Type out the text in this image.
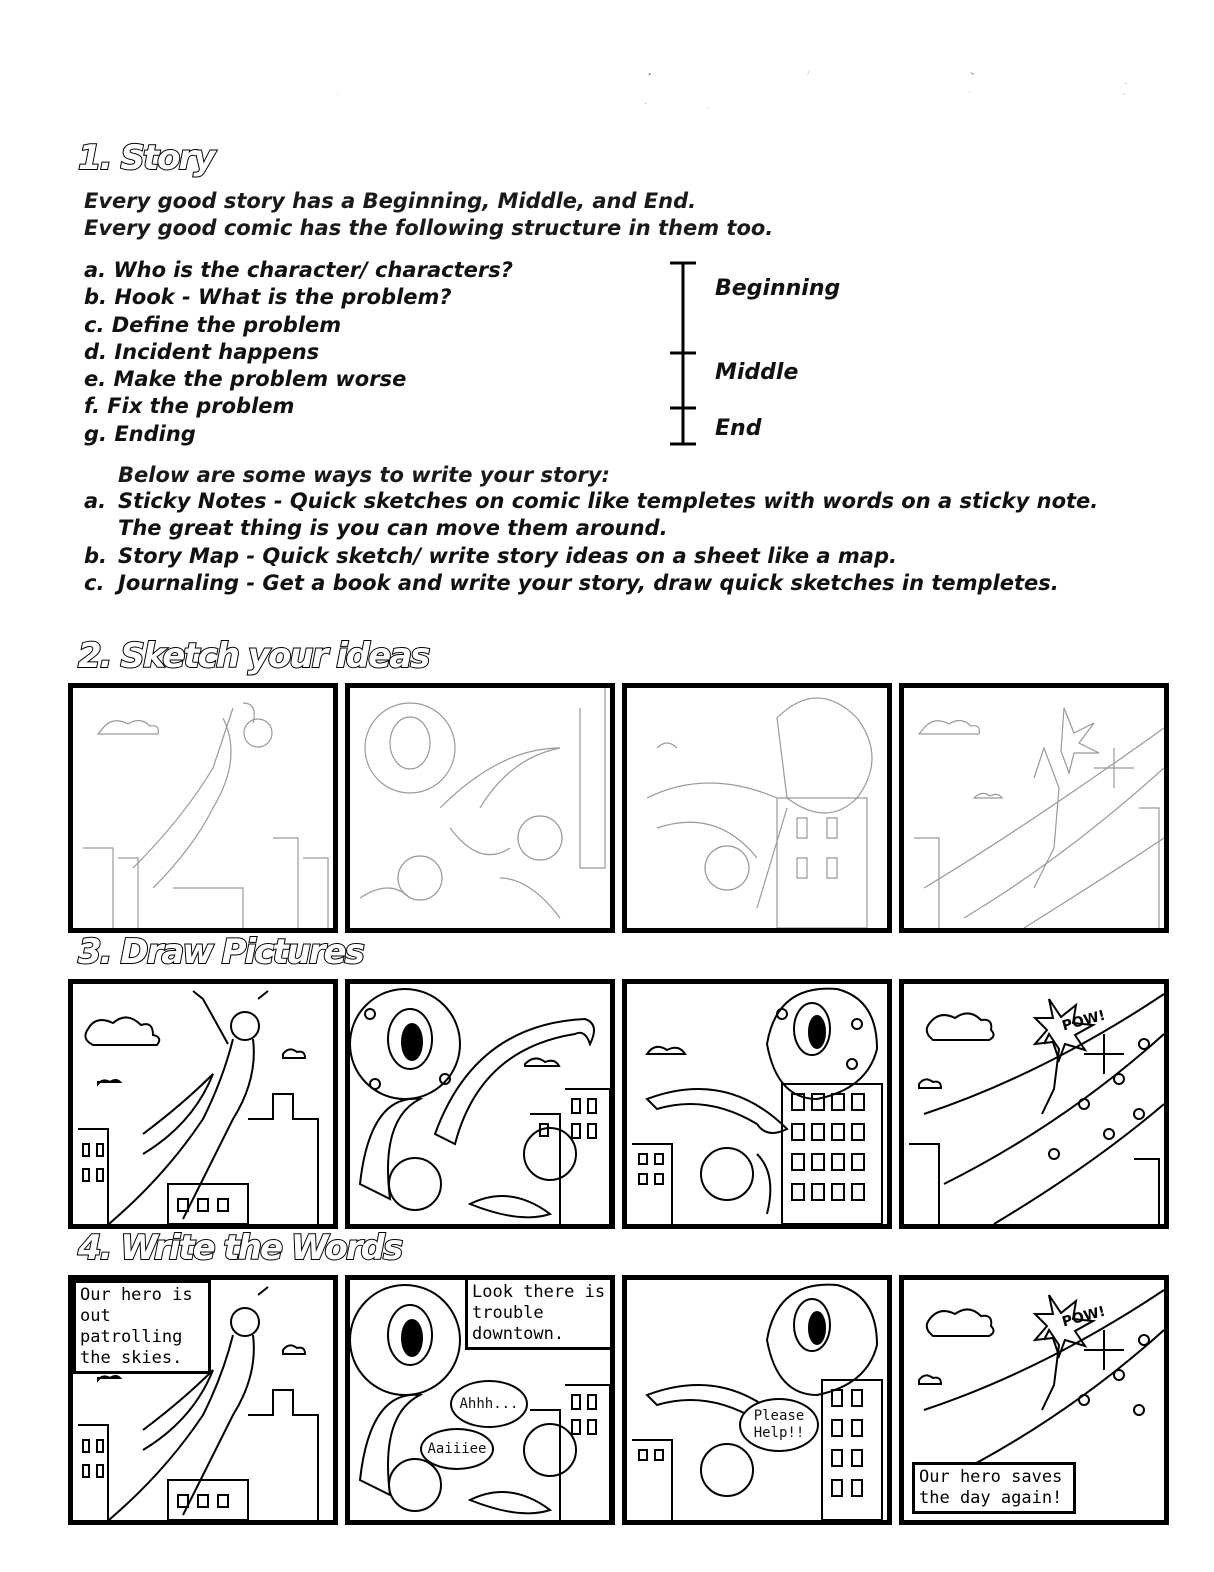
How to start making your Comic
1. Story
Every good story has a Beginning, Middle, and End.
Every good comic has the following structure in them too.
a. Who is the character/ characters?
b. Hook - What is the problem?
c. Define the problem
d. Incident happens
e. Make the problem worse
f. Fix the problem
g. Ending
Beginning
Middle
End
Below are some ways to write your story:
a. Sticky Notes - Quick sketches on comic like templetes with words on a sticky note. The great thing is you can move them around.
b. Story Map - Quick sketch/ write story ideas on a sheet like a map.
c. Journaling - Get a book and write your story, draw quick sketches in templetes.
2. Sketch your ideas
3. Draw Pictures
POW!
4. Write the Words
Our hero is
out patrolling
the skies.
Look there is
trouble
downtown.
Ahhh...
Aaiiiee
Please
Help!!
POW!
Our hero saves
the day again!
